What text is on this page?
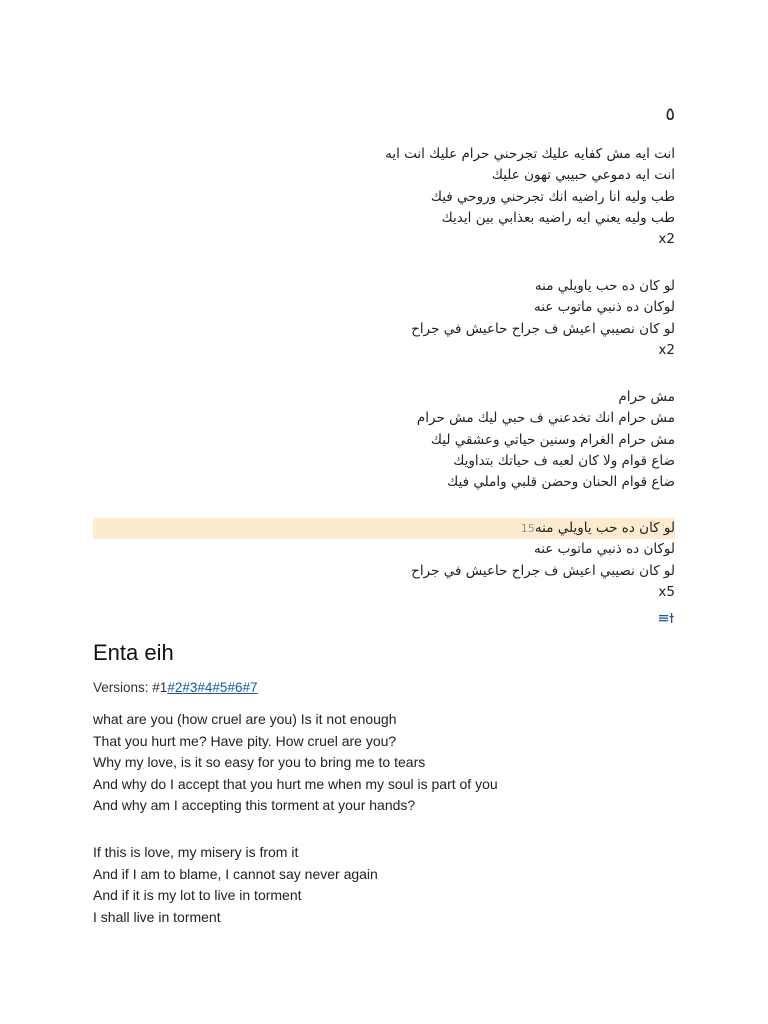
٥
انت ايه مش كفايه عليك تجرحني حرام عليك انت ايه
انت ايه دموعي حبيبي تهون عليك
طب وليه انا راضيه انك تجرحني وروحي فيك
طب وليه يعني ايه راضيه بعذابي بين ايديك
x2
لو كان ده حب ياويلي منه
لوكان ده ذنبي ماتوب عنه
لو كان نصيبي اعيش ف جراح حاعيش في جراح
x2
مش حرام
مش حرام انك تخدعني ف حبي ليك مش حرام
مش حرام الغرام وسنين حياتي وعشقي ليك
ضاع قوام ولا كان لعبه ف حياتك بتداويك
ضاع قوام الحنان وحضن قلبي واملي فيك
لو كان ده حب ياويلي منه15
لوكان ده ذنبي ماتوب عنه
لو كان نصيبي اعيش ف جراح حاعيش في جراح
x5
Enta eih
Versions: #1#2#3#4#5#6#7
what are you (how cruel are you) Is it not enough
That you hurt me? Have pity. How cruel are you?
Why my love, is it so easy for you to bring me to tears
And why do I accept that you hurt me when my soul is part of you
And why am I accepting this torment at your hands?
If this is love, my misery is from it
And if I am to blame, I cannot say never again
And if it is my lot to live in torment
I shall live in torment
